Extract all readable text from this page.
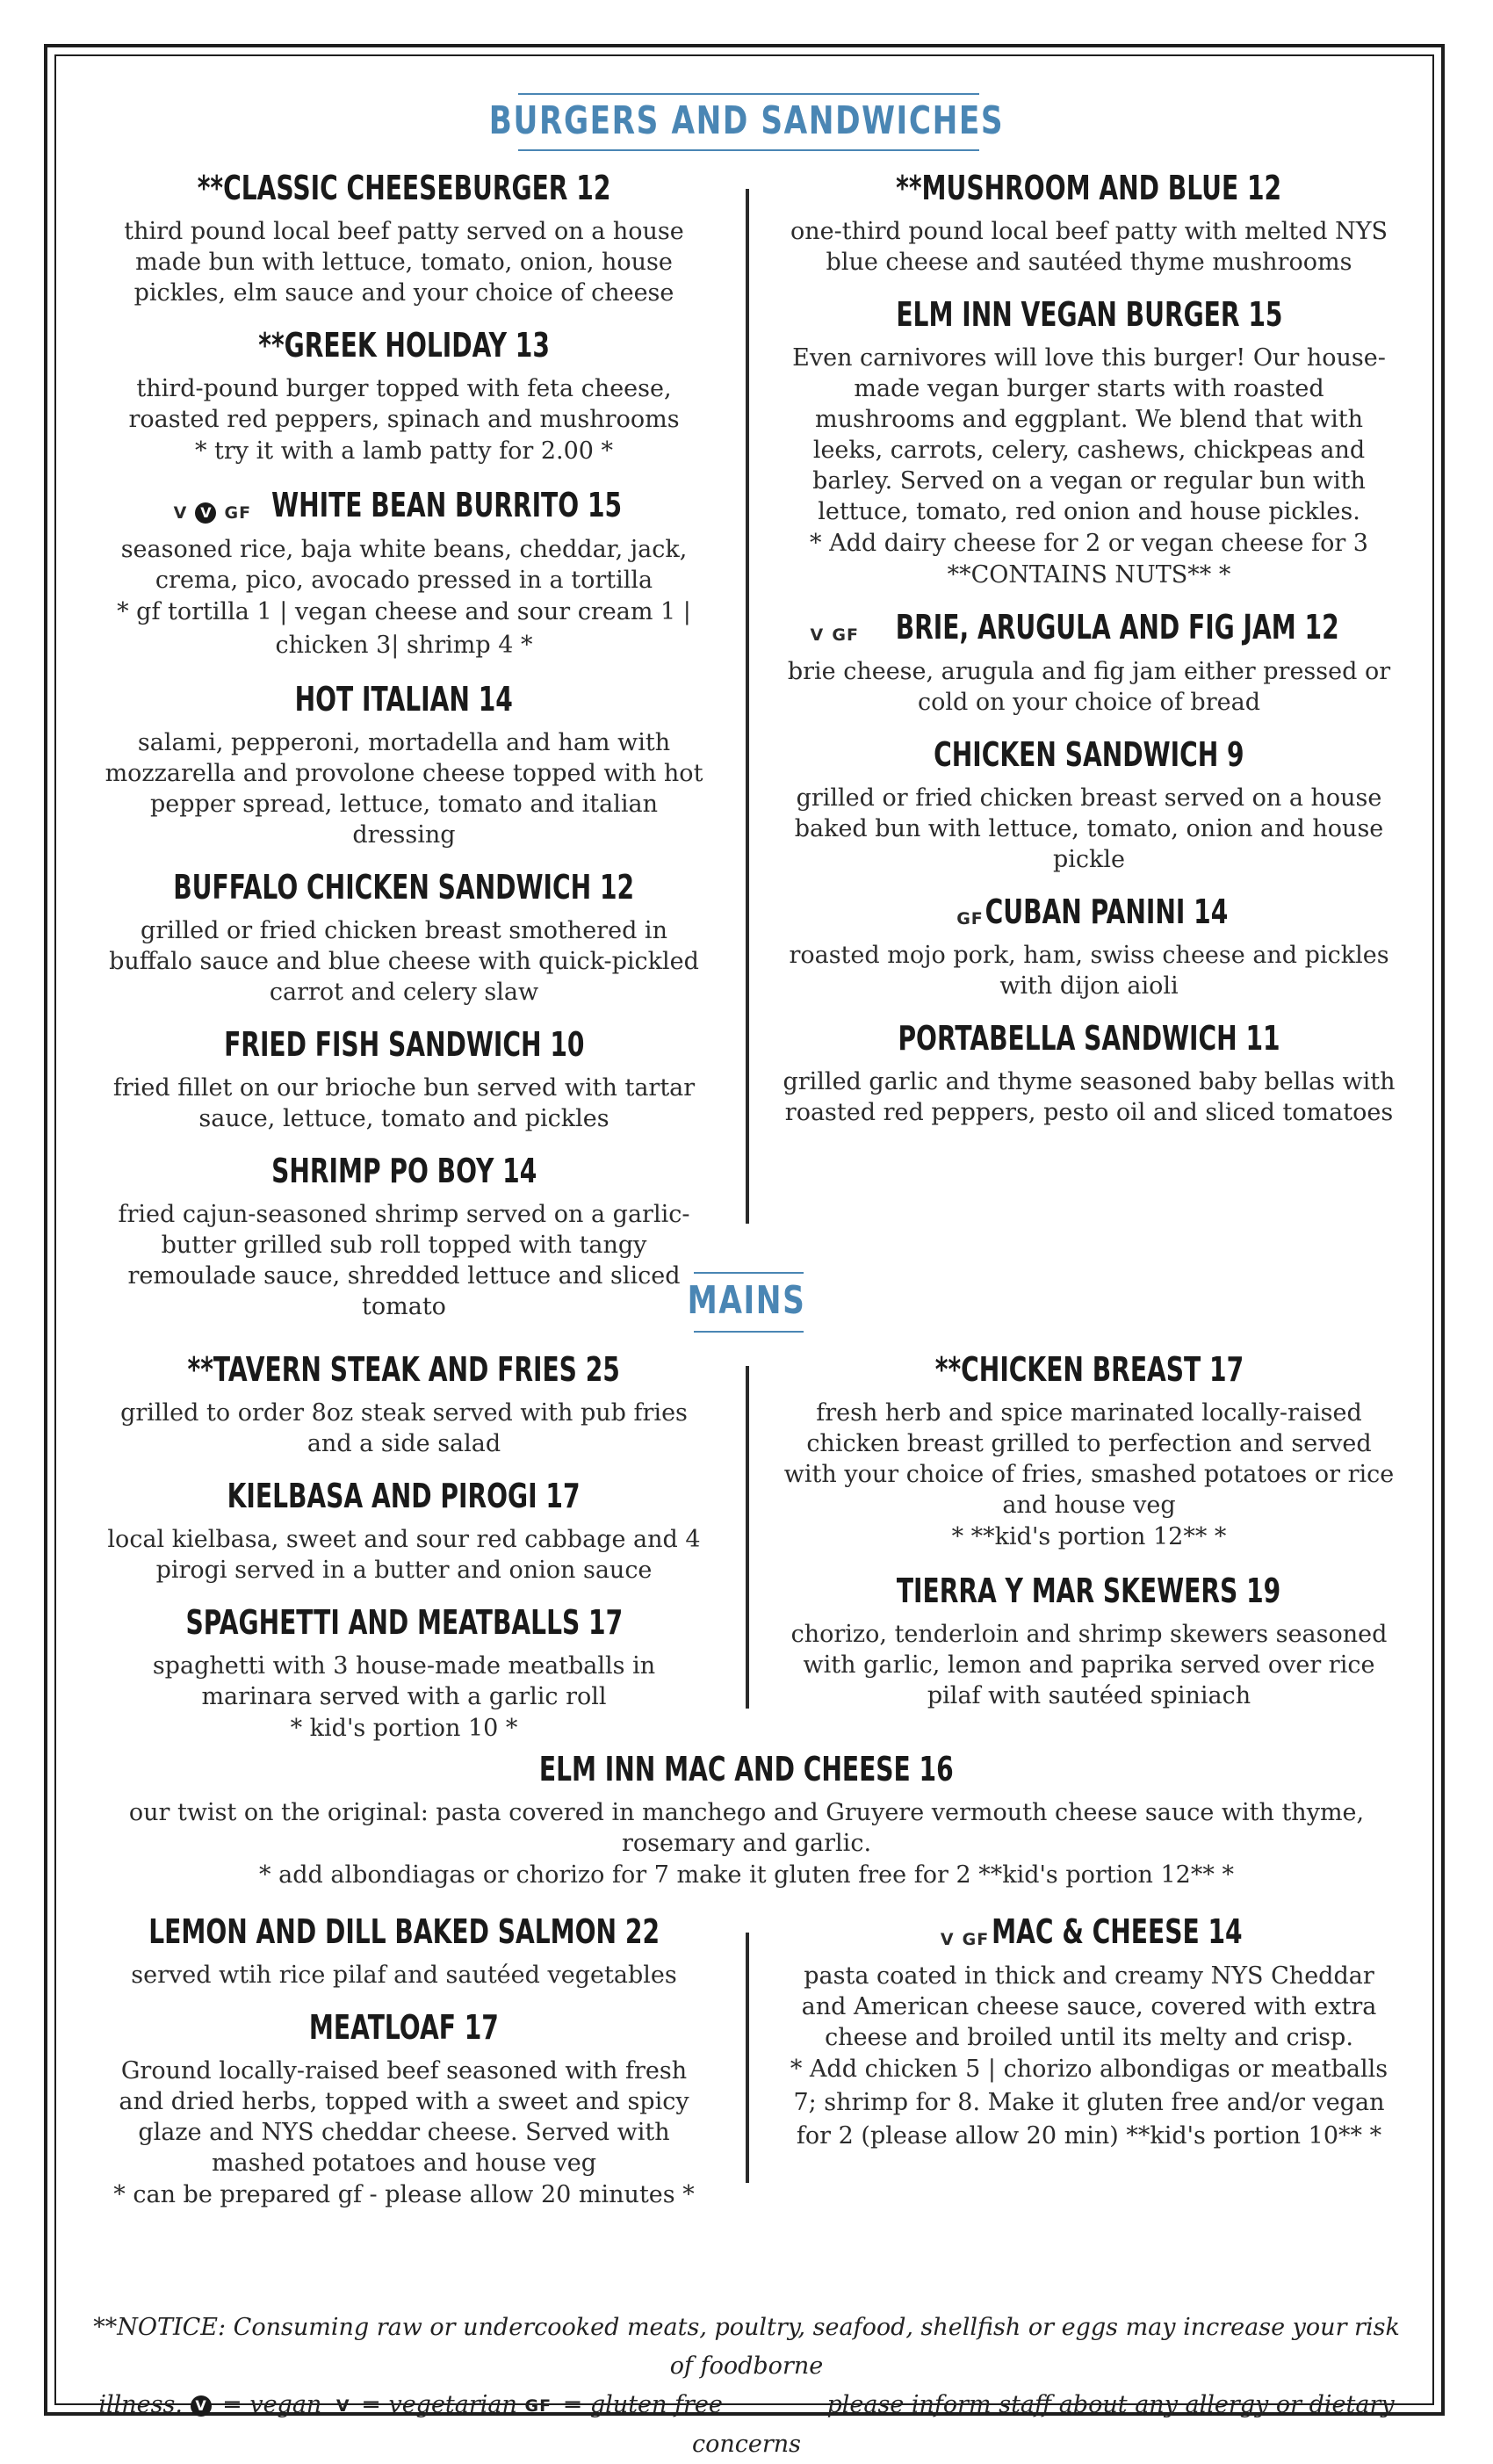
BURGERS AND SANDWICHES
**CLASSIC CHEESEBURGER 12
third pound local beef patty served on a house made bun with lettuce, tomato, onion, house pickles, elm sauce and your choice of cheese
**GREEK HOLIDAY 13
third-pound burger topped with feta cheese, roasted red peppers, spinach and mushrooms
* try it with a lamb patty for 2.00 *
V V GF WHITE BEAN BURRITO 15
seasoned rice, baja white beans, cheddar, jack, crema, pico, avocado pressed in a tortilla
* gf tortilla 1 | vegan cheese and sour cream 1 | chicken 3| shrimp 4 *
HOT ITALIAN 14
salami, pepperoni, mortadella and ham with mozzarella and provolone cheese topped with hot pepper spread, lettuce, tomato and italian dressing
BUFFALO CHICKEN SANDWICH 12
grilled or fried chicken breast smothered in buffalo sauce and blue cheese with quick-pickled carrot and celery slaw
FRIED FISH SANDWICH 10
fried fillet on our brioche bun served with tartar sauce, lettuce, tomato and pickles
SHRIMP PO BOY 14
fried cajun-seasoned shrimp served on a garlic-butter grilled sub roll topped with tangy remoulade sauce, shredded lettuce and sliced tomato
**MUSHROOM AND BLUE 12
one-third pound local beef patty with melted NYS blue cheese and sautéed thyme mushrooms
ELM INN VEGAN BURGER 15
Even carnivores will love this burger! Our house-made vegan burger starts with roasted mushrooms and eggplant. We blend that with leeks, carrots, celery, cashews, chickpeas and barley. Served on a vegan or regular bun with lettuce, tomato, red onion and house pickles.
* Add dairy cheese for 2 or vegan cheese for 3
**CONTAINS NUTS** *
V GF BRIE, ARUGULA AND FIG JAM 12
brie cheese, arugula and fig jam either pressed or cold on your choice of bread
CHICKEN SANDWICH 9
grilled or fried chicken breast served on a house baked bun with lettuce, tomato, onion and house pickle
GF CUBAN PANINI 14
roasted mojo pork, ham, swiss cheese and pickles with dijon aioli
PORTABELLA SANDWICH 11
grilled garlic and thyme seasoned baby bellas with roasted red peppers, pesto oil and sliced tomatoes
MAINS
**TAVERN STEAK AND FRIES 25
grilled to order 8oz steak served with pub fries and a side salad
KIELBASA AND PIROGI 17
local kielbasa, sweet and sour red cabbage and 4 pirogi served in a butter and onion sauce
SPAGHETTI AND MEATBALLS 17
spaghetti with 3 house-made meatballs in marinara served with a garlic roll
* kid's portion 10 *
**CHICKEN BREAST 17
fresh herb and spice marinated locally-raised chicken breast grilled to perfection and served with your choice of fries, smashed potatoes or rice and house veg
* **kid's portion 12** *
TIERRA Y MAR SKEWERS 19
chorizo, tenderloin and shrimp skewers seasoned with garlic, lemon and paprika served over rice pilaf with sautéed spiniach
ELM INN MAC AND CHEESE 16
our twist on the original: pasta covered in manchego and Gruyere vermouth cheese sauce with thyme, rosemary and garlic.
* add albondiagas or chorizo for 7 make it gluten free for 2 **kid's portion 12** *
LEMON AND DILL BAKED SALMON 22
served wtih rice pilaf and sautéed vegetables
MEATLOAF 17
Ground locally-raised beef seasoned with fresh and dried herbs, topped with a sweet and spicy glaze and NYS cheddar cheese. Served with mashed potatoes and house veg
* can be prepared gf - please allow 20 minutes *
V GF MAC & CHEESE 14
pasta coated in thick and creamy NYS Cheddar and American cheese sauce, covered with extra cheese and broiled until its melty and crisp.
* Add chicken 5 | chorizo albondigas or meatballs 7; shrimp for 8. Make it gluten free and/or vegan for 2 (please allow 20 min) **kid's portion 10** *
**NOTICE: Consuming raw or undercooked meats, poultry, seafood, shellfish or eggs may increase your risk of foodborne
illness. V = vegan V = vegetarian GF = gluten free	please inform staff about any allergy or dietary concerns
